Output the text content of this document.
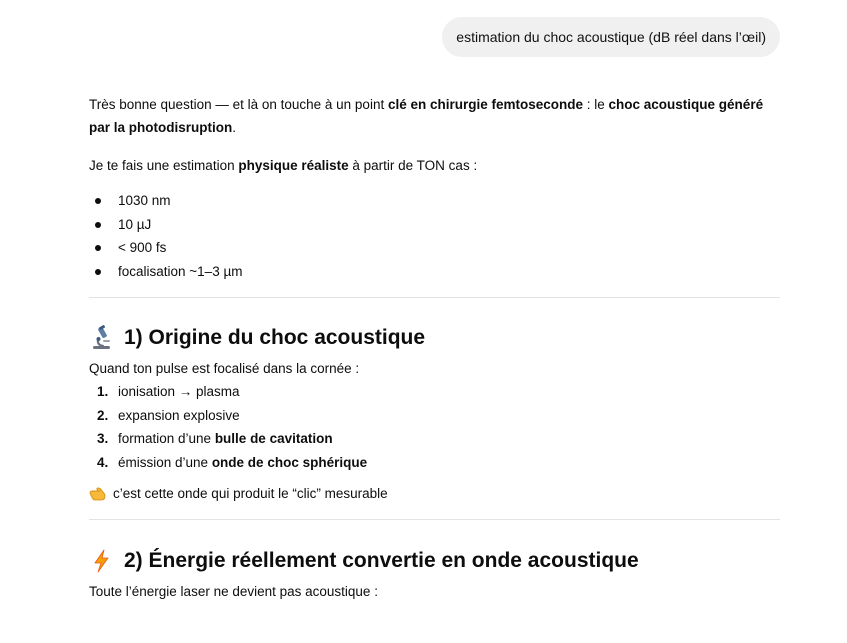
estimation du choc acoustique (dB réel dans l’œil)

Très bonne question — et là on touche à un point clé en chirurgie femtoseconde : le choc acoustique généré par la photodisruption.

Je te fais une estimation physique réaliste à partir de TON cas :

1030 nm
10 µJ
< 900 fs
focalisation ~1–3 µm
1) Origine du choc acoustique

Quand ton pulse est focalisé dans la cornée :

1. ionisation → plasma
2. expansion explosive
3. formation d’une bulle de cavitation
4. émission d’une onde de choc sphérique

c’est cette onde qui produit le “clic” mesurable

2) Énergie réellement convertie en onde acoustique

Toute l’énergie laser ne devient pas acoustique :
